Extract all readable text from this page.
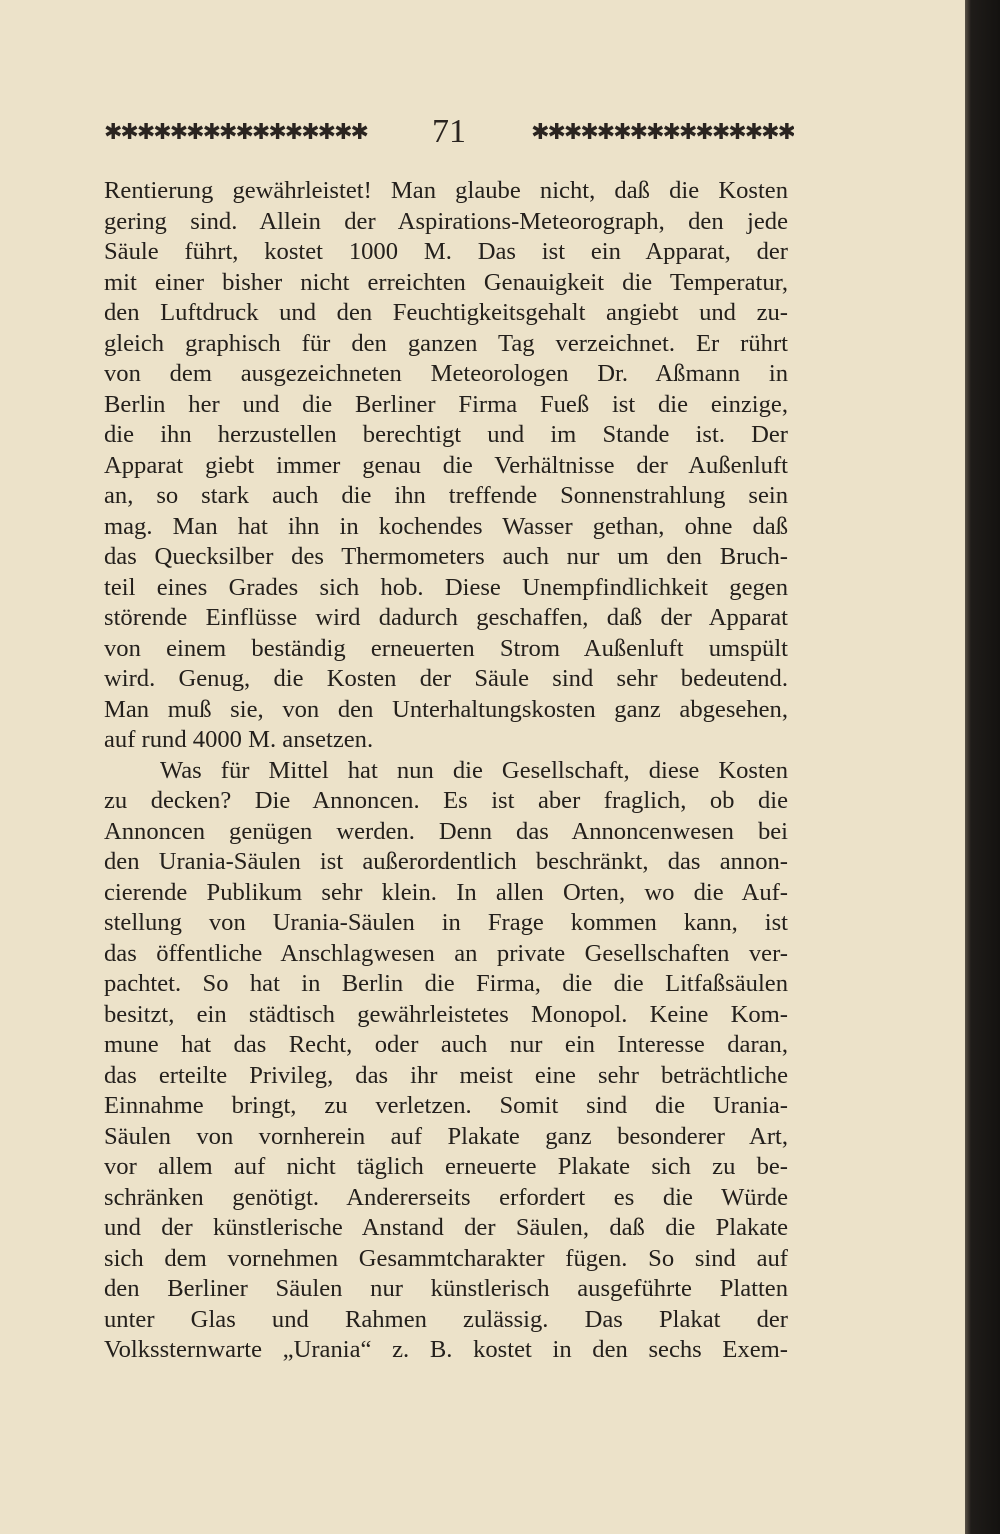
✱✱✱✱✱✱✱✱✱✱✱✱✱✱✱✱	71	✱✱✱✱✱✱✱✱✱✱✱✱✱✱✱✱
Rentierung gewährleistet! Man glaube nicht, daß die Kosten
gering sind. Allein der Aspirations-Meteorograph, den jede
Säule führt, kostet 1000 M. Das ist ein Apparat, der
mit einer bisher nicht erreichten Genauigkeit die Temperatur,
den Luftdruck und den Feuchtigkeitsgehalt angiebt und zu-
gleich graphisch für den ganzen Tag verzeichnet. Er rührt
von dem ausgezeichneten Meteorologen Dr. Aßmann in
Berlin her und die Berliner Firma Fueß ist die einzige,
die ihn herzustellen berechtigt und im Stande ist. Der
Apparat giebt immer genau die Verhältnisse der Außenluft
an, so stark auch die ihn treffende Sonnenstrahlung sein
mag. Man hat ihn in kochendes Wasser gethan, ohne daß
das Quecksilber des Thermometers auch nur um den Bruch-
teil eines Grades sich hob. Diese Unempfindlichkeit gegen
störende Einflüsse wird dadurch geschaffen, daß der Apparat
von einem beständig erneuerten Strom Außenluft umspült
wird. Genug, die Kosten der Säule sind sehr bedeutend.
Man muß sie, von den Unterhaltungskosten ganz abgesehen,
auf rund 4000 M. ansetzen.
Was für Mittel hat nun die Gesellschaft, diese Kosten
zu decken? Die Annoncen. Es ist aber fraglich, ob die
Annoncen genügen werden. Denn das Annoncenwesen bei
den Urania-Säulen ist außerordentlich beschränkt, das annon-
cierende Publikum sehr klein. In allen Orten, wo die Auf-
stellung von Urania-Säulen in Frage kommen kann, ist
das öffentliche Anschlagwesen an private Gesellschaften ver-
pachtet. So hat in Berlin die Firma, die die Litfaßsäulen
besitzt, ein städtisch gewährleistetes Monopol. Keine Kom-
mune hat das Recht, oder auch nur ein Interesse daran,
das erteilte Privileg, das ihr meist eine sehr beträchtliche
Einnahme bringt, zu verletzen. Somit sind die Urania-
Säulen von vornherein auf Plakate ganz besonderer Art,
vor allem auf nicht täglich erneuerte Plakate sich zu be-
schränken genötigt. Andererseits erfordert es die Würde
und der künstlerische Anstand der Säulen, daß die Plakate
sich dem vornehmen Gesammtcharakter fügen. So sind auf
den Berliner Säulen nur künstlerisch ausgeführte Platten
unter Glas und Rahmen zulässig. Das Plakat der
Volkssternwarte „Urania“ z. B. kostet in den sechs Exem-
